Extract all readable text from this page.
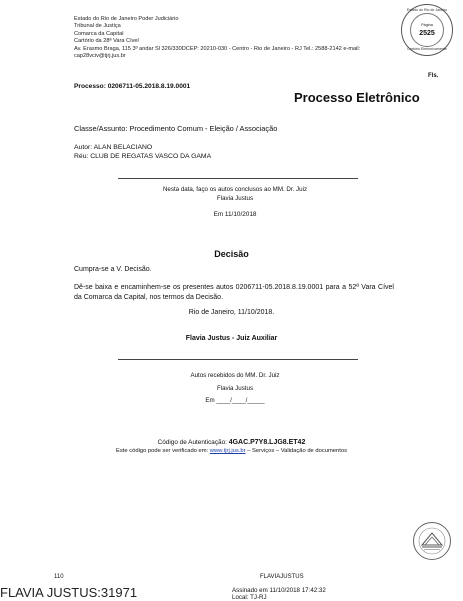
Estado do Rio de Janeiro Poder Judiciário
Tribunal de Justiça
Comarca da Capital
Cartório da 28ª Vara Cível
Av. Erasmo Braga, 115 3º andar Sl 326/330DCEP: 20210-030 - Centro - Rio de Janeiro - RJ Tel.: 2588-2142 e-mail:
cap28vciv@tjrj.jus.br
Estado do Rio de Janeiro
Página
2525
Cartório Eletronicamente
Fls.
Processo: 0206711-05.2018.8.19.0001
Processo Eletrônico
Classe/Assunto: Procedimento Comum - Eleição / Associação
Autor: ALAN BELACIANO
Réu: CLUB DE REGATAS VASCO DA GAMA
Nesta data, faço os autos conclusos ao MM. Dr. Juiz
Flavia Justus
Em 11/10/2018
Decisão
Cumpra-se a V. Decisão.
Dê-se baixa e encaminhem-se os presentes autos 0206711-05.2018.8.19.0001 para a 52ª Vara Cível da Comarca da Capital, nos termos da Decisão.
Rio de Janeiro, 11/10/2018.
Flavia Justus - Juiz Auxiliar
Autos recebidos do MM. Dr. Juiz
Flavia Justus
Em ____/____/_____
Código de Autenticação: 4GAC.P7Y8.LJG8.ET42
Este código pode ser verificado em: www.tjrj.jus.br – Serviços – Validação de documentos
110	FLAVIAJUSTUS
FLAVIA JUSTUS:31971	Assinado em 11/10/2018 17:42:32
Local: TJ-RJ
